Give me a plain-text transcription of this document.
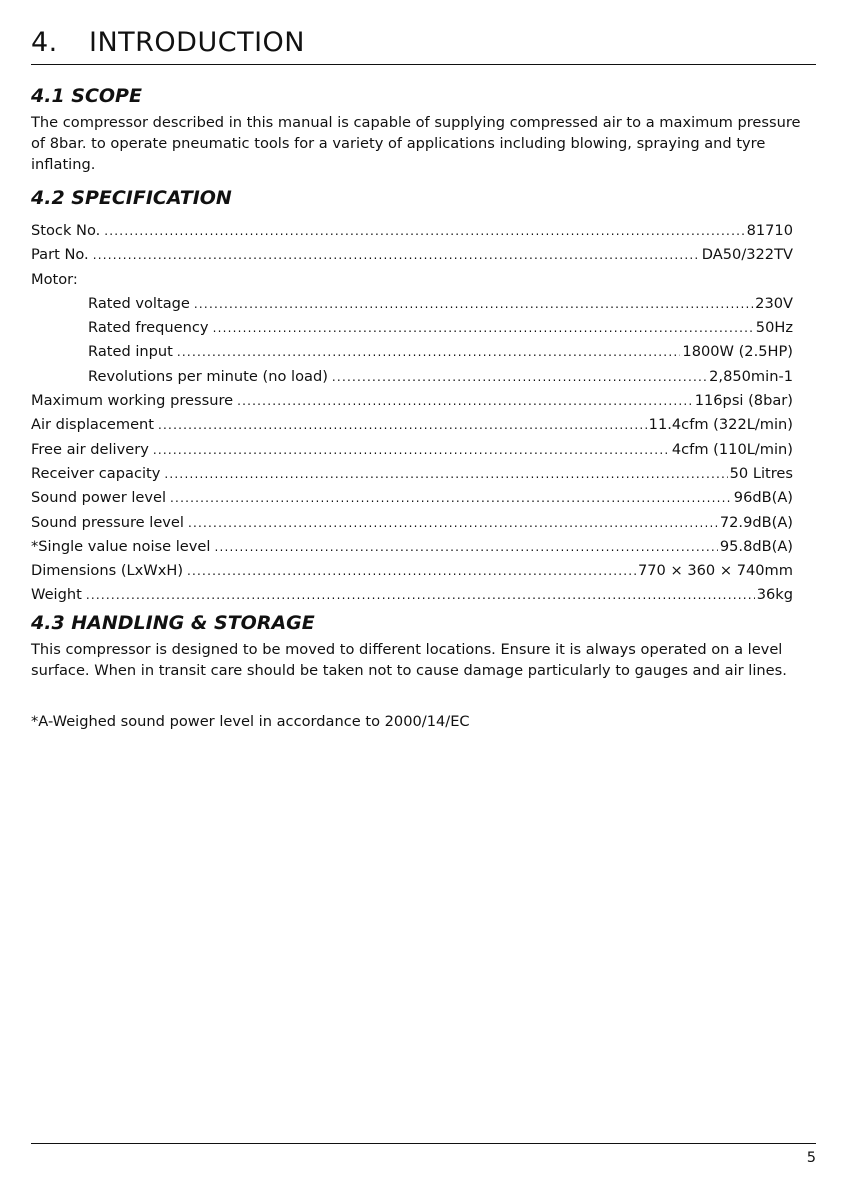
4. INTRODUCTION
4.1 SCOPE

The compressor described in this manual is capable of supplying compressed air to a maximum pressure of 8bar. to operate pneumatic tools for a variety of applications including blowing, spraying and tyre inflating.

4.2 SPECIFICATION
Stock No. .....	81710
Part No. .....	DA50/322TV
Motor:
Rated voltage .....	230V
Rated frequency .....	50Hz
Rated input .....	1800W (2.5HP)
Revolutions per minute (no load) .....	2,850min-1
Maximum working pressure .....	116psi (8bar)
Air displacement .....	11.4cfm (322L/min)
Free air delivery .....	4cfm (110L/min)
Receiver capacity .....	50 Litres
Sound power level .....	96dB(A)
Sound pressure level .....	72.9dB(A)
*Single value noise level .....	95.8dB(A)
Dimensions (LxWxH) .....	770 × 360 × 740mm
Weight .....	36kg
4.3 HANDLING & STORAGE

This compressor is designed to be moved to different locations. Ensure it is always operated on a level surface. When in transit care should be taken not to cause damage particularly to gauges and air lines.

*A-Weighed sound power level in accordance to 2000/14/EC

5
